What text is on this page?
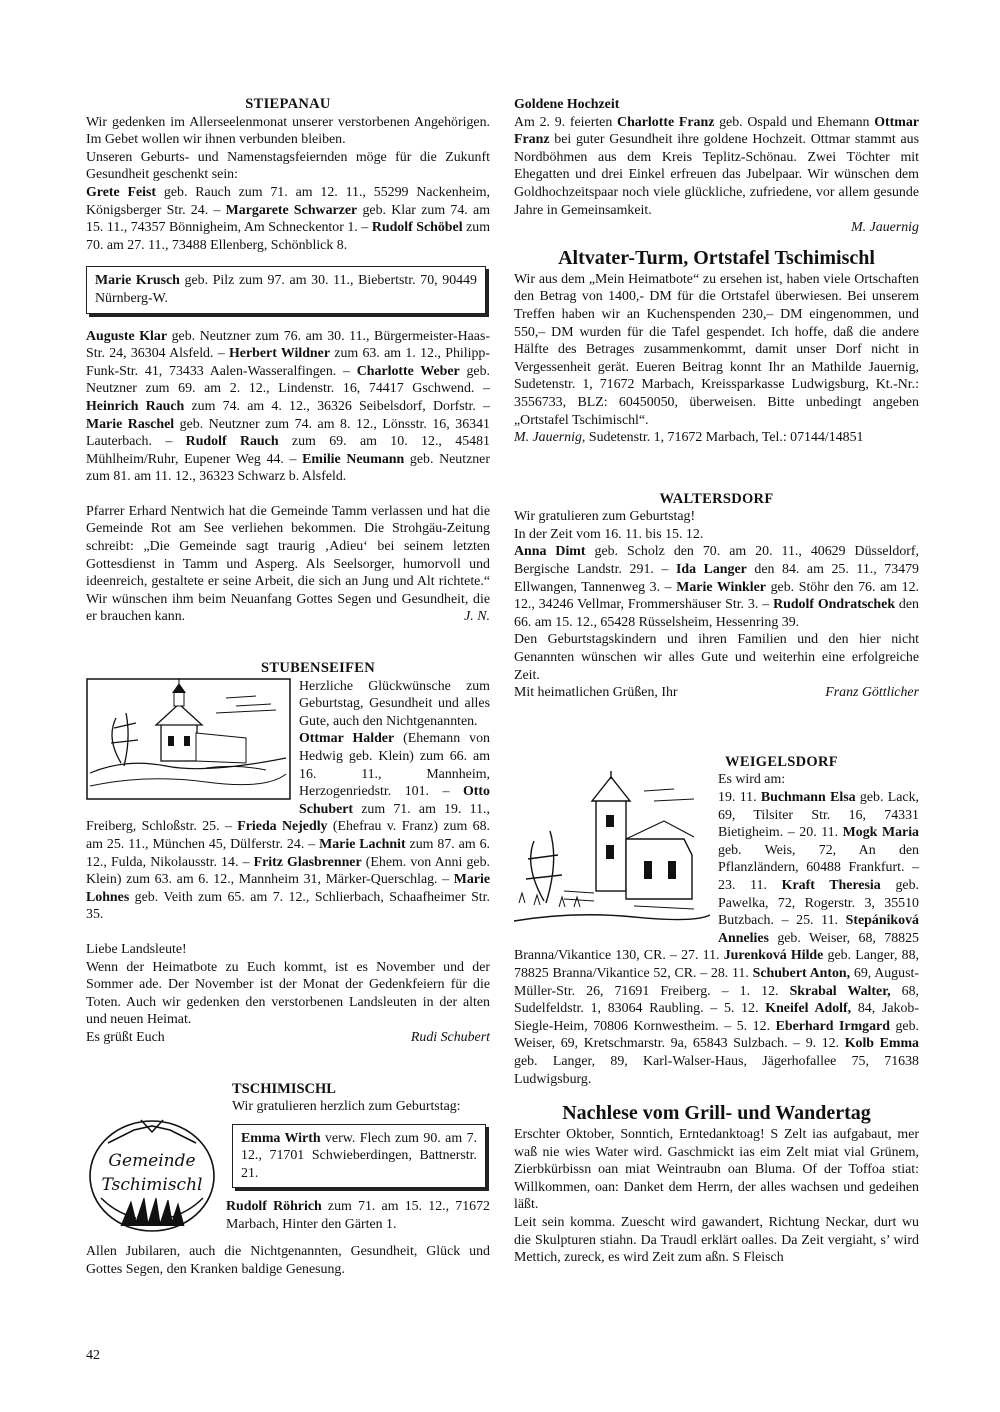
STIEPANAU

Wir gedenken im Allerseelenmonat unserer verstorbenen Angehörigen. Im Gebet wollen wir ihnen verbunden bleiben.

Unseren Geburts- und Namenstagsfeiernden möge für die Zukunft Gesundheit geschenkt sein:

Grete Feist geb. Rauch zum 71. am 12. 11., 55299 Nackenheim, Königsberger Str. 24. – Margarete Schwarzer geb. Klar zum 74. am 15. 11., 74357 Bönnigheim, Am Schneckentor 1. – Rudolf Schöbel zum 70. am 27. 11., 73488 Ellenberg, Schönblick 8.

Marie Krusch geb. Pilz zum 97. am 30. 11., Biebertstr. 70, 90449 Nürnberg-W.

Auguste Klar geb. Neutzner zum 76. am 30. 11., Bürgermeister-Haas-Str. 24, 36304 Alsfeld. – Herbert Wildner zum 63. am 1. 12., Philipp-Funk-Str. 41, 73433 Aalen-Wasseralfingen. – Charlotte Weber geb. Neutzner zum 69. am 2. 12., Lindenstr. 16, 74417 Gschwend. – Heinrich Rauch zum 74. am 4. 12., 36326 Seibelsdorf, Dorfstr. – Marie Raschel geb. Neutzner zum 74. am 8. 12., Lönsstr. 16, 36341 Lauterbach. – Rudolf Rauch zum 69. am 10. 12., 45481 Mühlheim/Ruhr, Eupener Weg 44. – Emilie Neumann geb. Neutzner zum 81. am 11. 12., 36323 Schwarz b. Alsfeld.

Pfarrer Erhard Nentwich hat die Gemeinde Tamm verlassen und hat die Gemeinde Rot am See verliehen bekommen. Die Strohgäu-Zeitung schreibt: „Die Gemeinde sagt traurig ‚Adieu‘ bei seinem letzten Gottesdienst in Tamm und Asperg. Als Seelsorger, humorvoll und ideenreich, gestaltete er seine Arbeit, die sich an Jung und Alt richtete.“ Wir wünschen ihm beim Neuanfang Gottes Segen und Gesundheit, die er brauchen kann.	J. N.

STUBENSEIFEN

Herzliche Glückwünsche zum Geburtstag, Gesundheit und alles Gute, auch den Nichtgenannten.
Ottmar Halder (Ehemann von Hedwig geb. Klein) zum 66. am 16. 11., Mannheim, Herzogenriedstr. 101. – Otto Schubert zum 71. am 19. 11., Freiberg, Schloßstr. 25. – Frieda Nejedly (Ehefrau v. Franz) zum 68. am 25. 11., München 45, Dülferstr. 24. – Marie Lachnit zum 87. am 6. 12., Fulda, Nikolausstr. 14. – Fritz Glasbrenner (Ehem. von Anni geb. Klein) zum 63. am 6. 12., Mannheim 31, Märker-Querschlag. – Marie Lohnes geb. Veith zum 65. am 7. 12., Schlierbach, Schaafheimer Str. 35.

Liebe Landsleute!

Wenn der Heimatbote zu Euch kommt, ist es November und der Sommer ade. Der November ist der Monat der Gedenkfeiern für die Toten. Auch wir gedenken den verstorbenen Landsleuten in der alten und neuen Heimat.

Es grüßt Euch	Rudi Schubert

TSCHIMISCHL

Wir gratulieren herzlich zum Geburtstag:

Gemeinde
Tschimischl

Emma Wirth verw. Flech zum 90. am 7. 12., 71701 Schwieberdingen, Battnerstr. 21.

Rudolf Röhrich zum 71. am 15. 12., 71672 Marbach, Hinter den Gärten 1.

Allen Jubilaren, auch die Nichtgenannten, Gesundheit, Glück und Gottes Segen, den Kranken baldige Genesung.

Goldene Hochzeit

Am 2. 9. feierten Charlotte Franz geb. Ospald und Ehemann Ottmar Franz bei guter Gesundheit ihre goldene Hochzeit. Ottmar stammt aus Nordböhmen aus dem Kreis Teplitz-Schönau. Zwei Töchter mit Ehegatten und drei Einkel erfreuen das Jubelpaar. Wir wünschen dem Goldhochzeitspaar noch viele glückliche, zufriedene, vor allem gesunde Jahre in Gemeinsamkeit.

M. Jauernig

Altvater-Turm, Ortstafel Tschimischl

Wir aus dem „Mein Heimatbote“ zu ersehen ist, haben viele Ortschaften den Betrag von 1400,- DM für die Ortstafel überwiesen. Bei unserem Treffen haben wir an Kuchenspenden 230,– DM eingenommen, und 550,– DM wurden für die Tafel gespendet. Ich hoffe, daß die andere Hälfte des Betrages zusammenkommt, damit unser Dorf nicht in Vergessenheit gerät. Eueren Beitrag konnt Ihr an Mathilde Jauernig, Sudetenstr. 1, 71672 Marbach, Kreissparkasse Ludwigsburg, Kt.-Nr.: 3556733, BLZ: 60450050, überweisen. Bitte unbedingt angeben „Ortstafel Tschimischl“.

M. Jauernig, Sudetenstr. 1, 71672 Marbach, Tel.: 07144/14851

WALTERSDORF

Wir gratulieren zum Geburtstag!

In der Zeit vom 16. 11. bis 15. 12.

Anna Dimt geb. Scholz den 70. am 20. 11., 40629 Düsseldorf, Bergische Landstr. 291. – Ida Langer den 84. am 25. 11., 73479 Ellwangen, Tannenweg 3. – Marie Winkler geb. Stöhr den 76. am 12. 12., 34246 Vellmar, Frommershäuser Str. 3. – Rudolf Ondratschek den 66. am 15. 12., 65428 Rüsselsheim, Hessenring 39.

Den Geburtstagskindern und ihren Familien und den hier nicht Genannten wünschen wir alles Gute und weiterhin eine erfolgreiche Zeit.

Mit heimatlichen Grüßen, Ihr	Franz Göttlicher

WEIGELSDORF

Es wird am:

19. 11. Buchmann Elsa geb. Lack, 69, Tilsiter Str. 16, 74331 Bietigheim. – 20. 11. Mogk Maria geb. Weis, 72, An den Pflanzländern, 60488 Frankfurt. – 23. 11. Kraft Theresia geb. Pawelka, 72, Rogerstr. 3, 35510 Butzbach. – 25. 11. Stepániková Annelies geb. Weiser, 68, 78825 Branna/Vikantice 130, CR. – 27. 11. Jurenková Hilde geb. Langer, 88, 78825 Branna/Vikantice 52, CR. – 28. 11. Schubert Anton, 69, August-Müller-Str. 26, 71691 Freiberg. – 1. 12. Skrabal Walter, 68, Sudelfeldstr. 1, 83064 Raubling. – 5. 12. Kneifel Adolf, 84, Jakob-Siegle-Heim, 70806 Kornwestheim. – 5. 12. Eberhard Irmgard geb. Weiser, 69, Kretschmarstr. 9a, 65843 Sulzbach. – 9. 12. Kolb Emma geb. Langer, 89, Karl-Walser-Haus, Jägerhofallee 75, 71638 Ludwigsburg.

Nachlese vom Grill- und Wandertag

Erschter Oktober, Sonntich, Erntedanktoag! S Zelt ias aufgabaut, mer waß nie wies Water wird. Gaschmickt ias eim Zelt miat vial Grünem, Zierbkürbissn oan miat Weintraubn oan Bluma. Of der Toffoa stiat: Willkommen, oan: Danket dem Herrn, der alles wachsen und gedeihen läßt.

Leit sein komma. Zuescht wird gawandert, Richtung Neckar, durt wu die Skulpturen stiahn. Da Traudl erklärt oalles. Da Zeit vergiaht, s’ wird Mettich, zureck, es wird Zeit zum aßn. S Fleisch

42
